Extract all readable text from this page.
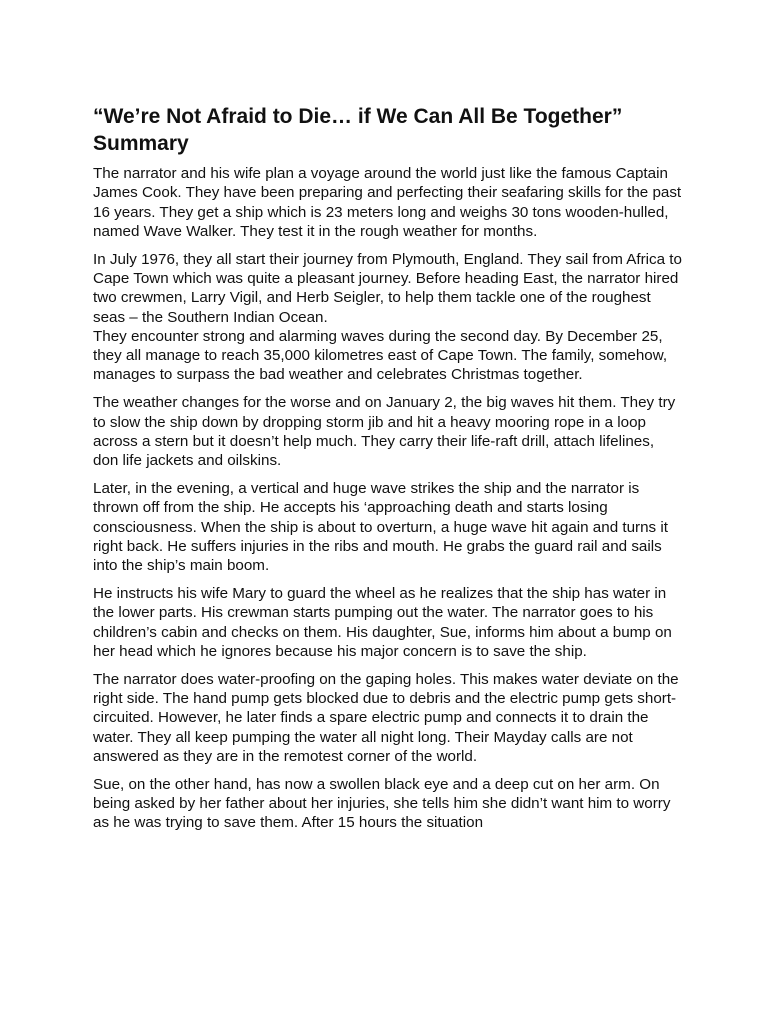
“We’re Not Afraid to Die… if We Can All Be Together”
Summary

The narrator and his wife plan a voyage around the world just like the famous Captain James Cook. They have been preparing and perfecting their seafaring skills for the past 16 years. They get a ship which is 23 meters long and weighs 30 tons wooden-hulled, named Wave Walker. They test it in the rough weather for months.

In July 1976, they all start their journey from Plymouth, England. They sail from Africa to Cape Town which was quite a pleasant journey. Before heading East, the narrator hired two crewmen, Larry Vigil, and Herb Seigler, to help them tackle one of the roughest seas – the Southern Indian Ocean.

They encounter strong and alarming waves during the second day. By December 25, they all manage to reach 35,000 kilometres east of Cape Town. The family, somehow, manages to surpass the bad weather and celebrates Christmas together.

The weather changes for the worse and on January 2, the big waves hit them. They try to slow the ship down by dropping storm jib and hit a heavy mooring rope in a loop across a stern but it doesn’t help much. They carry their life-raft drill, attach lifelines, don life jackets and oilskins.

Later, in the evening, a vertical and huge wave strikes the ship and the narrator is thrown off from the ship. He accepts his ‘approaching death and starts losing consciousness. When the ship is about to overturn, a huge wave hit again and turns it right back. He suffers injuries in the ribs and mouth. He grabs the guard rail and sails into the ship’s main boom.

He instructs his wife Mary to guard the wheel as he realizes that the ship has water in the lower parts. His crewman starts pumping out the water. The narrator goes to his children’s cabin and checks on them. His daughter, Sue, informs him about a bump on her head which he ignores because his major concern is to save the ship.

The narrator does water-proofing on the gaping holes. This makes water deviate on the right side. The hand pump gets blocked due to debris and the electric pump gets short-circuited. However, he later finds a spare electric pump and connects it to drain the water. They all keep pumping the water all night long. Their Mayday calls are not answered as they are in the remotest corner of the world.

Sue, on the other hand, has now a swollen black eye and a deep cut on her arm. On being asked by her father about her injuries, she tells him she didn’t want him to worry as he was trying to save them. After 15 hours the situation
